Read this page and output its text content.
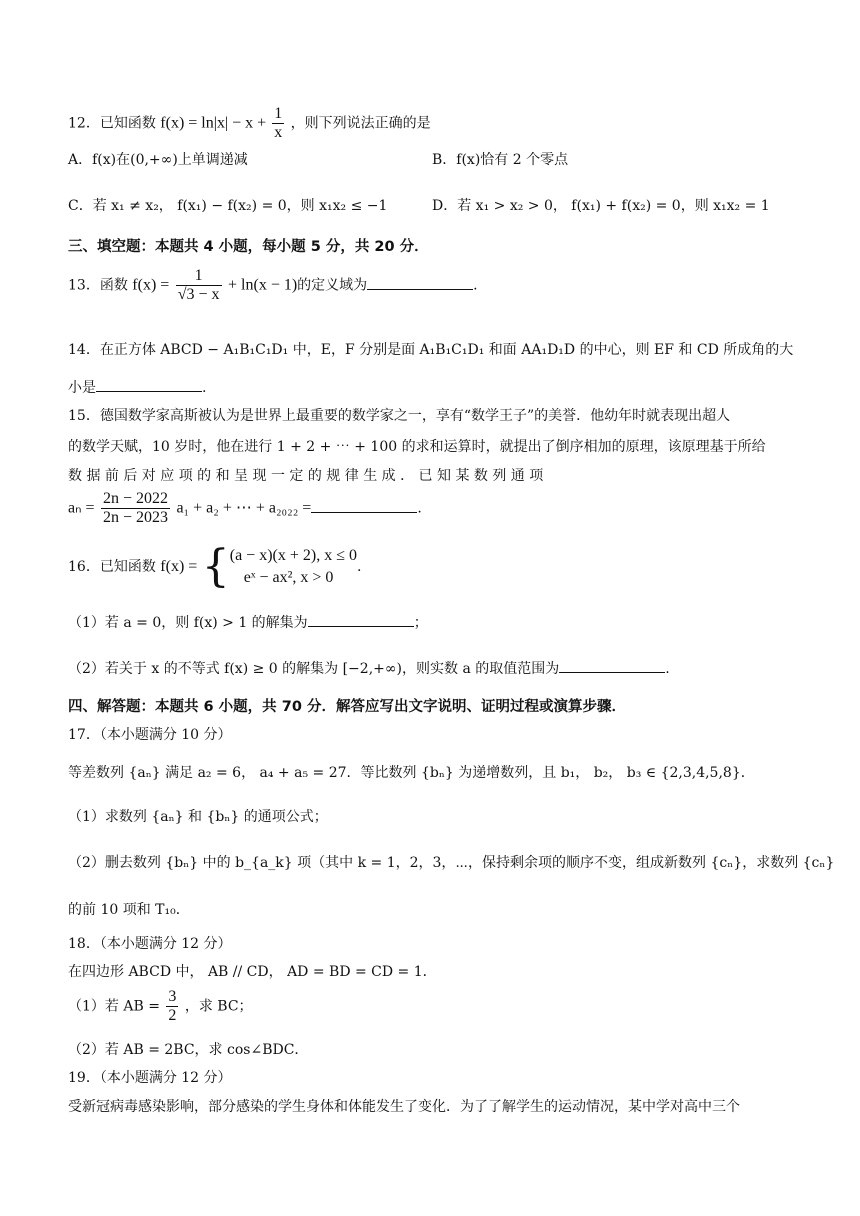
12．已知函数 $f(x) = \ln|x| - x + \frac{1}{x}$ ，则下列说法正确的是
A．f(x)在(0,+∞)上单调递减	B．f(x)恰有 2 个零点
C．若 x₁ ≠ x₂， f(x₁) − f(x₂) = 0，则 x₁x₂ ≤ −1	D．若 x₁ > x₂ > 0， f(x₁) + f(x₂) = 0，则 x₁x₂ = 1
三、填空题：本题共 4 小题，每小题 5 分，共 20 分．
13．函数 $f(x) = \frac{1}{√3 - x} + \ln(x - 1)$的定义域为	.
14．在正方体 ABCD − A₁B₁C₁D₁ 中，E，F 分别是面 A₁B₁C₁D₁ 和面 AA₁D₁D 的中心，则 EF 和 CD 所成角的大
小是	.
15．德国数学家高斯被认为是世界上最重要的数学家之一，享有“数学王子”的美誉．他幼年时就表现出超人
的数学天赋，10 岁时，他在进行 1 + 2 + ⋯ + 100 的求和运算时，就提出了倒序相加的原理，该原理基于所给
数 据 前 后 对 应 项 的 和 呈 现 一 定 的 规 律 生 成 ． 已 知 某 数 列 通 项
$a_n = \frac{2n - 2022}{2n - 2023} a_1 + a_2$ + ⋯ + a₂₀₂₂ =	.
16．已知函数 f(x) = { (a − x)(x + 2), x ≤ 0
eˣ − ax², x > 0
.
（1）若 a = 0，则 f(x) > 1 的解集为	；
（2）若关于 x 的不等式 f(x) ≥ 0 的解集为 [−2,+∞)，则实数 a 的取值范围为	.
四、解答题：本题共 6 小题，共 70 分．解答应写出文字说明、证明过程或演算步骤．
17．（本小题满分 10 分）
等差数列 {aₙ} 满足 a₂ = 6， a₄ + a₅ = 27．等比数列 {bₙ} 为递增数列，且 b₁， b₂， b₃ ∈ {2,3,4,5,8}．
（1）求数列 {aₙ} 和 {bₙ} 的通项公式；
（2）删去数列 {bₙ} 中的 b_{a_k} 项（其中 k = 1，2，3，⋯，保持剩余项的顺序不变，组成新数列 {cₙ}，求数列 {cₙ}
的前 10 项和 T₁₀．
18．（本小题满分 12 分）
在四边形 ABCD 中， AB // CD， AD = BD = CD = 1．
（1）若 AB = $\frac{3}{2}$ ，求 BC；
（2）若 AB = 2BC，求 cos∠BDC．
19．（本小题满分 12 分）
受新冠病毒感染影响，部分感染的学生身体和体能发生了变化．为了了解学生的运动情况，某中学对高中三个
